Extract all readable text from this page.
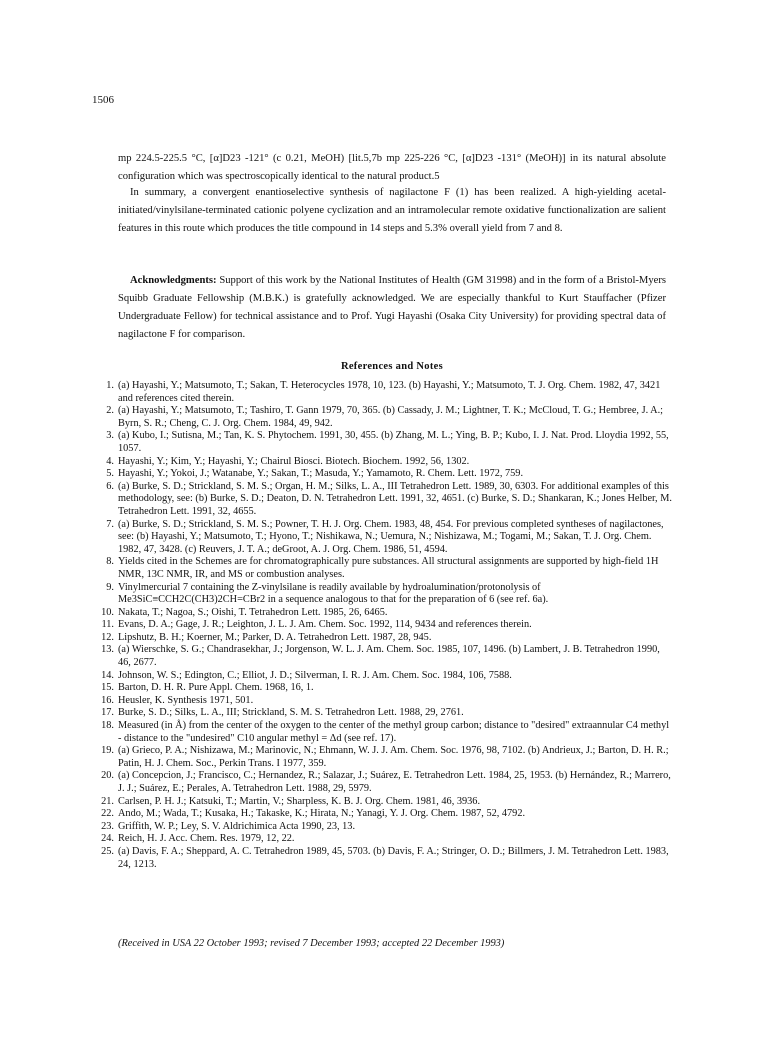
1506

mp 224.5-225.5 °C, [α]D23 -121° (c 0.21, MeOH) [lit.5,7b mp 225-226 °C, [α]D23 -131° (MeOH)] in its natural absolute configuration which was spectroscopically identical to the natural product.5

In summary, a convergent enantioselective synthesis of nagilactone F (1) has been realized. A high-yielding acetal-initiated/vinylsilane-terminated cationic polyene cyclization and an intramolecular remote oxidative functionalization are salient features in this route which produces the title compound in 14 steps and 5.3% overall yield from 7 and 8.

Acknowledgments: Support of this work by the National Institutes of Health (GM 31998) and in the form of a Bristol-Myers Squibb Graduate Fellowship (M.B.K.) is gratefully acknowledged. We are especially thankful to Kurt Stauffacher (Pfizer Undergraduate Fellow) for technical assistance and to Prof. Yugi Hayashi (Osaka City University) for providing spectral data of nagilactone F for comparison.

References and Notes
1. (a) Hayashi, Y.; Matsumoto, T.; Sakan, T. Heterocycles 1978, 10, 123. (b) Hayashi, Y.; Matsumoto, T. J. Org. Chem. 1982, 47, 3421 and references cited therein.
2. (a) Hayashi, Y.; Matsumoto, T.; Tashiro, T. Gann 1979, 70, 365. (b) Cassady, J. M.; Lightner, T. K.; McCloud, T. G.; Hembree, J. A.; Byrn, S. R.; Cheng, C. J. Org. Chem. 1984, 49, 942.
3. (a) Kubo, I.; Sutisna, M.; Tan, K. S. Phytochem. 1991, 30, 455. (b) Zhang, M. L.; Ying, B. P.; Kubo, I. J. Nat. Prod. Lloydia 1992, 55, 1057.
4. Hayashi, Y.; Kim, Y.; Hayashi, Y.; Chairul Biosci. Biotech. Biochem. 1992, 56, 1302.
5. Hayashi, Y.; Yokoi, J.; Watanabe, Y.; Sakan, T.; Masuda, Y.; Yamamoto, R. Chem. Lett. 1972, 759.
6. (a) Burke, S. D.; Strickland, S. M. S.; Organ, H. M.; Silks, L. A., III Tetrahedron Lett. 1989, 30, 6303. For additional examples of this methodology, see: (b) Burke, S. D.; Deaton, D. N. Tetrahedron Lett. 1991, 32, 4651. (c) Burke, S. D.; Shankaran, K.; Jones Helber, M. Tetrahedron Lett. 1991, 32, 4655.
7. (a) Burke, S. D.; Strickland, S. M. S.; Powner, T. H. J. Org. Chem. 1983, 48, 454. For previous completed syntheses of nagilactones, see: (b) Hayashi, Y.; Matsumoto, T.; Hyono, T.; Nishikawa, N.; Uemura, N.; Nishizawa, M.; Togami, M.; Sakan, T. J. Org. Chem. 1982, 47, 3428. (c) Reuvers, J. T. A.; deGroot, A. J. Org. Chem. 1986, 51, 4594.
8. Yields cited in the Schemes are for chromatographically pure substances. All structural assignments are supported by high-field 1H NMR, 13C NMR, IR, and MS or combustion analyses.
9. Vinylmercurial 7 containing the Z-vinylsilane is readily available by hydroalumination/protonolysis of Me3SiC≡CCH2C(CH3)2CH=CBr2 in a sequence analogous to that for the preparation of 6 (see ref. 6a).
10. Nakata, T.; Nagoa, S.; Oishi, T. Tetrahedron Lett. 1985, 26, 6465.
11. Evans, D. A.; Gage, J. R.; Leighton, J. L. J. Am. Chem. Soc. 1992, 114, 9434 and references therein.
12. Lipshutz, B. H.; Koerner, M.; Parker, D. A. Tetrahedron Lett. 1987, 28, 945.
13. (a) Wierschke, S. G.; Chandrasekhar, J.; Jorgenson, W. L. J. Am. Chem. Soc. 1985, 107, 1496. (b) Lambert, J. B. Tetrahedron 1990, 46, 2677.
14. Johnson, W. S.; Edington, C.; Elliot, J. D.; Silverman, I. R. J. Am. Chem. Soc. 1984, 106, 7588.
15. Barton, D. H. R. Pure Appl. Chem. 1968, 16, 1.
16. Heusler, K. Synthesis 1971, 501.
17. Burke, S. D.; Silks, L. A., III; Strickland, S. M. S. Tetrahedron Lett. 1988, 29, 2761.
18. Measured (in Å) from the center of the oxygen to the center of the methyl group carbon; distance to "desired" extraannular C4 methyl - distance to the "undesired" C10 angular methyl = Δd (see ref. 17).
19. (a) Grieco, P. A.; Nishizawa, M.; Marinovic, N.; Ehmann, W. J. J. Am. Chem. Soc. 1976, 98, 7102. (b) Andrieux, J.; Barton, D. H. R.; Patin, H. J. Chem. Soc., Perkin Trans. I 1977, 359.
20. (a) Concepcion, J.; Francisco, C.; Hernandez, R.; Salazar, J.; Suárez, E. Tetrahedron Lett. 1984, 25, 1953. (b) Hernández, R.; Marrero, J. J.; Suárez, E.; Perales, A. Tetrahedron Lett. 1988, 29, 5979.
21. Carlsen, P. H. J.; Katsuki, T.; Martin, V.; Sharpless, K. B. J. Org. Chem. 1981, 46, 3936.
22. Ando, M.; Wada, T.; Kusaka, H.; Takaske, K.; Hirata, N.; Yanagi, Y. J. Org. Chem. 1987, 52, 4792.
23. Griffith, W. P.; Ley, S. V. Aldrichimica Acta 1990, 23, 13.
24. Reich, H. J. Acc. Chem. Res. 1979, 12, 22.
25. (a) Davis, F. A.; Sheppard, A. C. Tetrahedron 1989, 45, 5703. (b) Davis, F. A.; Stringer, O. D.; Billmers, J. M. Tetrahedron Lett. 1983, 24, 1213.
(Received in USA 22 October 1993; revised 7 December 1993; accepted 22 December 1993)
